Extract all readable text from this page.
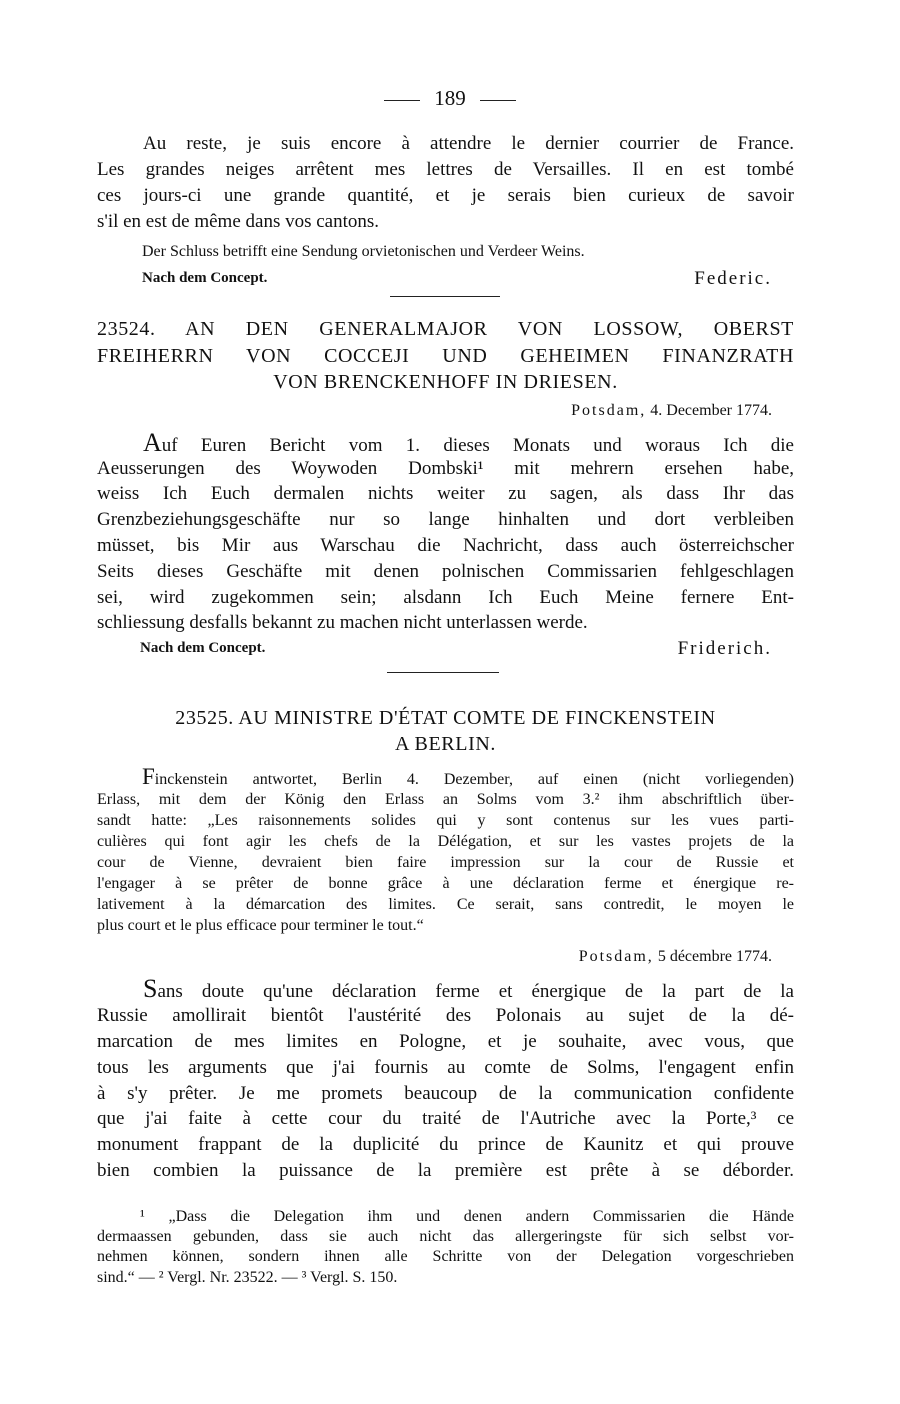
189
Au reste, je suis encore à attendre le dernier courrier de France.
Les grandes neiges arrêtent mes lettres de Versailles. Il en est tombé
ces jours-ci une grande quantité, et je serais bien curieux de savoir
s'il en est de même dans vos cantons.
Der Schluss betrifft eine Sendung orvietonischen und Verdeer Weins.
Nach dem Concept.	Federic.
23524. AN DEN GENERALMAJOR VON LOSSOW, OBERST
FREIHERRN VON COCCEJI UND GEHEIMEN FINANZRATH
VON BRENCKENHOFF IN DRIESEN.
Potsdam, 4. December 1774.
Auf Euren Bericht vom 1. dieses Monats und woraus Ich die
Aeusserungen des Woywoden Dombski¹ mit mehrern ersehen habe,
weiss Ich Euch dermalen nichts weiter zu sagen, als dass Ihr das
Grenzbeziehungsgeschäfte nur so lange hinhalten und dort verbleiben
müsset, bis Mir aus Warschau die Nachricht, dass auch österreichscher
Seits dieses Geschäfte mit denen polnischen Commissarien fehlgeschlagen
sei, wird zugekommen sein; alsdann Ich Euch Meine fernere Ent-
schliessung desfalls bekannt zu machen nicht unterlassen werde.
Nach dem Concept.	Friderich.
23525. AU MINISTRE D'ÉTAT COMTE DE FINCKENSTEIN
A BERLIN.
Finckenstein antwortet, Berlin 4. Dezember, auf einen (nicht vorliegenden)
Erlass, mit dem der König den Erlass an Solms vom 3.² ihm abschriftlich über-
sandt hatte: „Les raisonnements solides qui y sont contenus sur les vues parti-
culières qui font agir les chefs de la Délégation, et sur les vastes projets de la
cour de Vienne, devraient bien faire impression sur la cour de Russie et
l'engager à se prêter de bonne grâce à une déclaration ferme et énergique re-
lativement à la démarcation des limites. Ce serait, sans contredit, le moyen le
plus court et le plus efficace pour terminer le tout.“
Potsdam, 5 décembre 1774.
Sans doute qu'une déclaration ferme et énergique de la part de la
Russie amollirait bientôt l'austérité des Polonais au sujet de la dé-
marcation de mes limites en Pologne, et je souhaite, avec vous, que
tous les arguments que j'ai fournis au comte de Solms, l'engagent enfin
à s'y prêter. Je me promets beaucoup de la communication confidente
que j'ai faite à cette cour du traité de l'Autriche avec la Porte,³ ce
monument frappant de la duplicité du prince de Kaunitz et qui prouve
bien combien la puissance de la première est prête à se déborder.
¹ „Dass die Delegation ihm und denen andern Commissarien die Hände
dermaassen gebunden, dass sie auch nicht das allergeringste für sich selbst vor-
nehmen können, sondern ihnen alle Schritte von der Delegation vorgeschrieben
sind.“ — ² Vergl. Nr. 23522. — ³ Vergl. S. 150.
